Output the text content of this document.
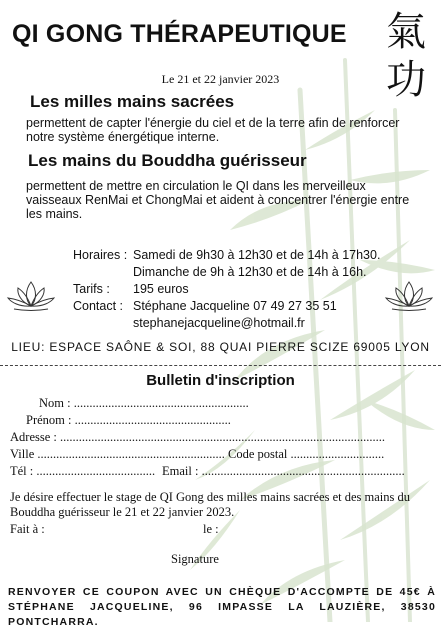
QI GONG THÉRAPEUTIQUE 氣
功
Le 21 et 22 janvier 2023
Les milles mains sacrées
permettent de capter l'énergie du ciel et de la terre afin de renforcer notre système énergétique interne.
Les mains du Bouddha guérisseur
permettent de mettre en circulation le QI dans les merveilleux vaisseaux RenMai et ChongMai et aident à concentrer l'énergie entre les mains.
Horaires : Samedi de 9h30 à 12h30 et de 14h à 17h30.
Dimanche de 9h à 12h30 et de 14h à 16h.
Tarifs : 195 euros
Contact : Stéphane Jacqueline 07 49 27 35 51
stephanejacqueline@hotmail.fr
LIEU: ESPACE SAÔNE & SOI, 88 QUAI PIERRE SCIZE 69005 LYON
Bulletin d'inscription
Nom : ........................................................
Prénom : ..................................................
Adresse : ........................................................................................................
Ville ............................................................ Code postal ..............................
Tél : ...................................... Email : .................................................................
Je désire effectuer le stage de QI Gong des milles mains sacrées et des mains du Bouddha guérisseur le 21 et 22 janvier 2023.
Fait à :	le :
Signature
RENVOYER CE COUPON AVEC UN CHÈQUE D'ACCOMPTE DE 45€ À STÉPHANE JACQUELINE, 96 IMPASSE LA LAUZIÈRE, 38530 PONTCHARRA.
